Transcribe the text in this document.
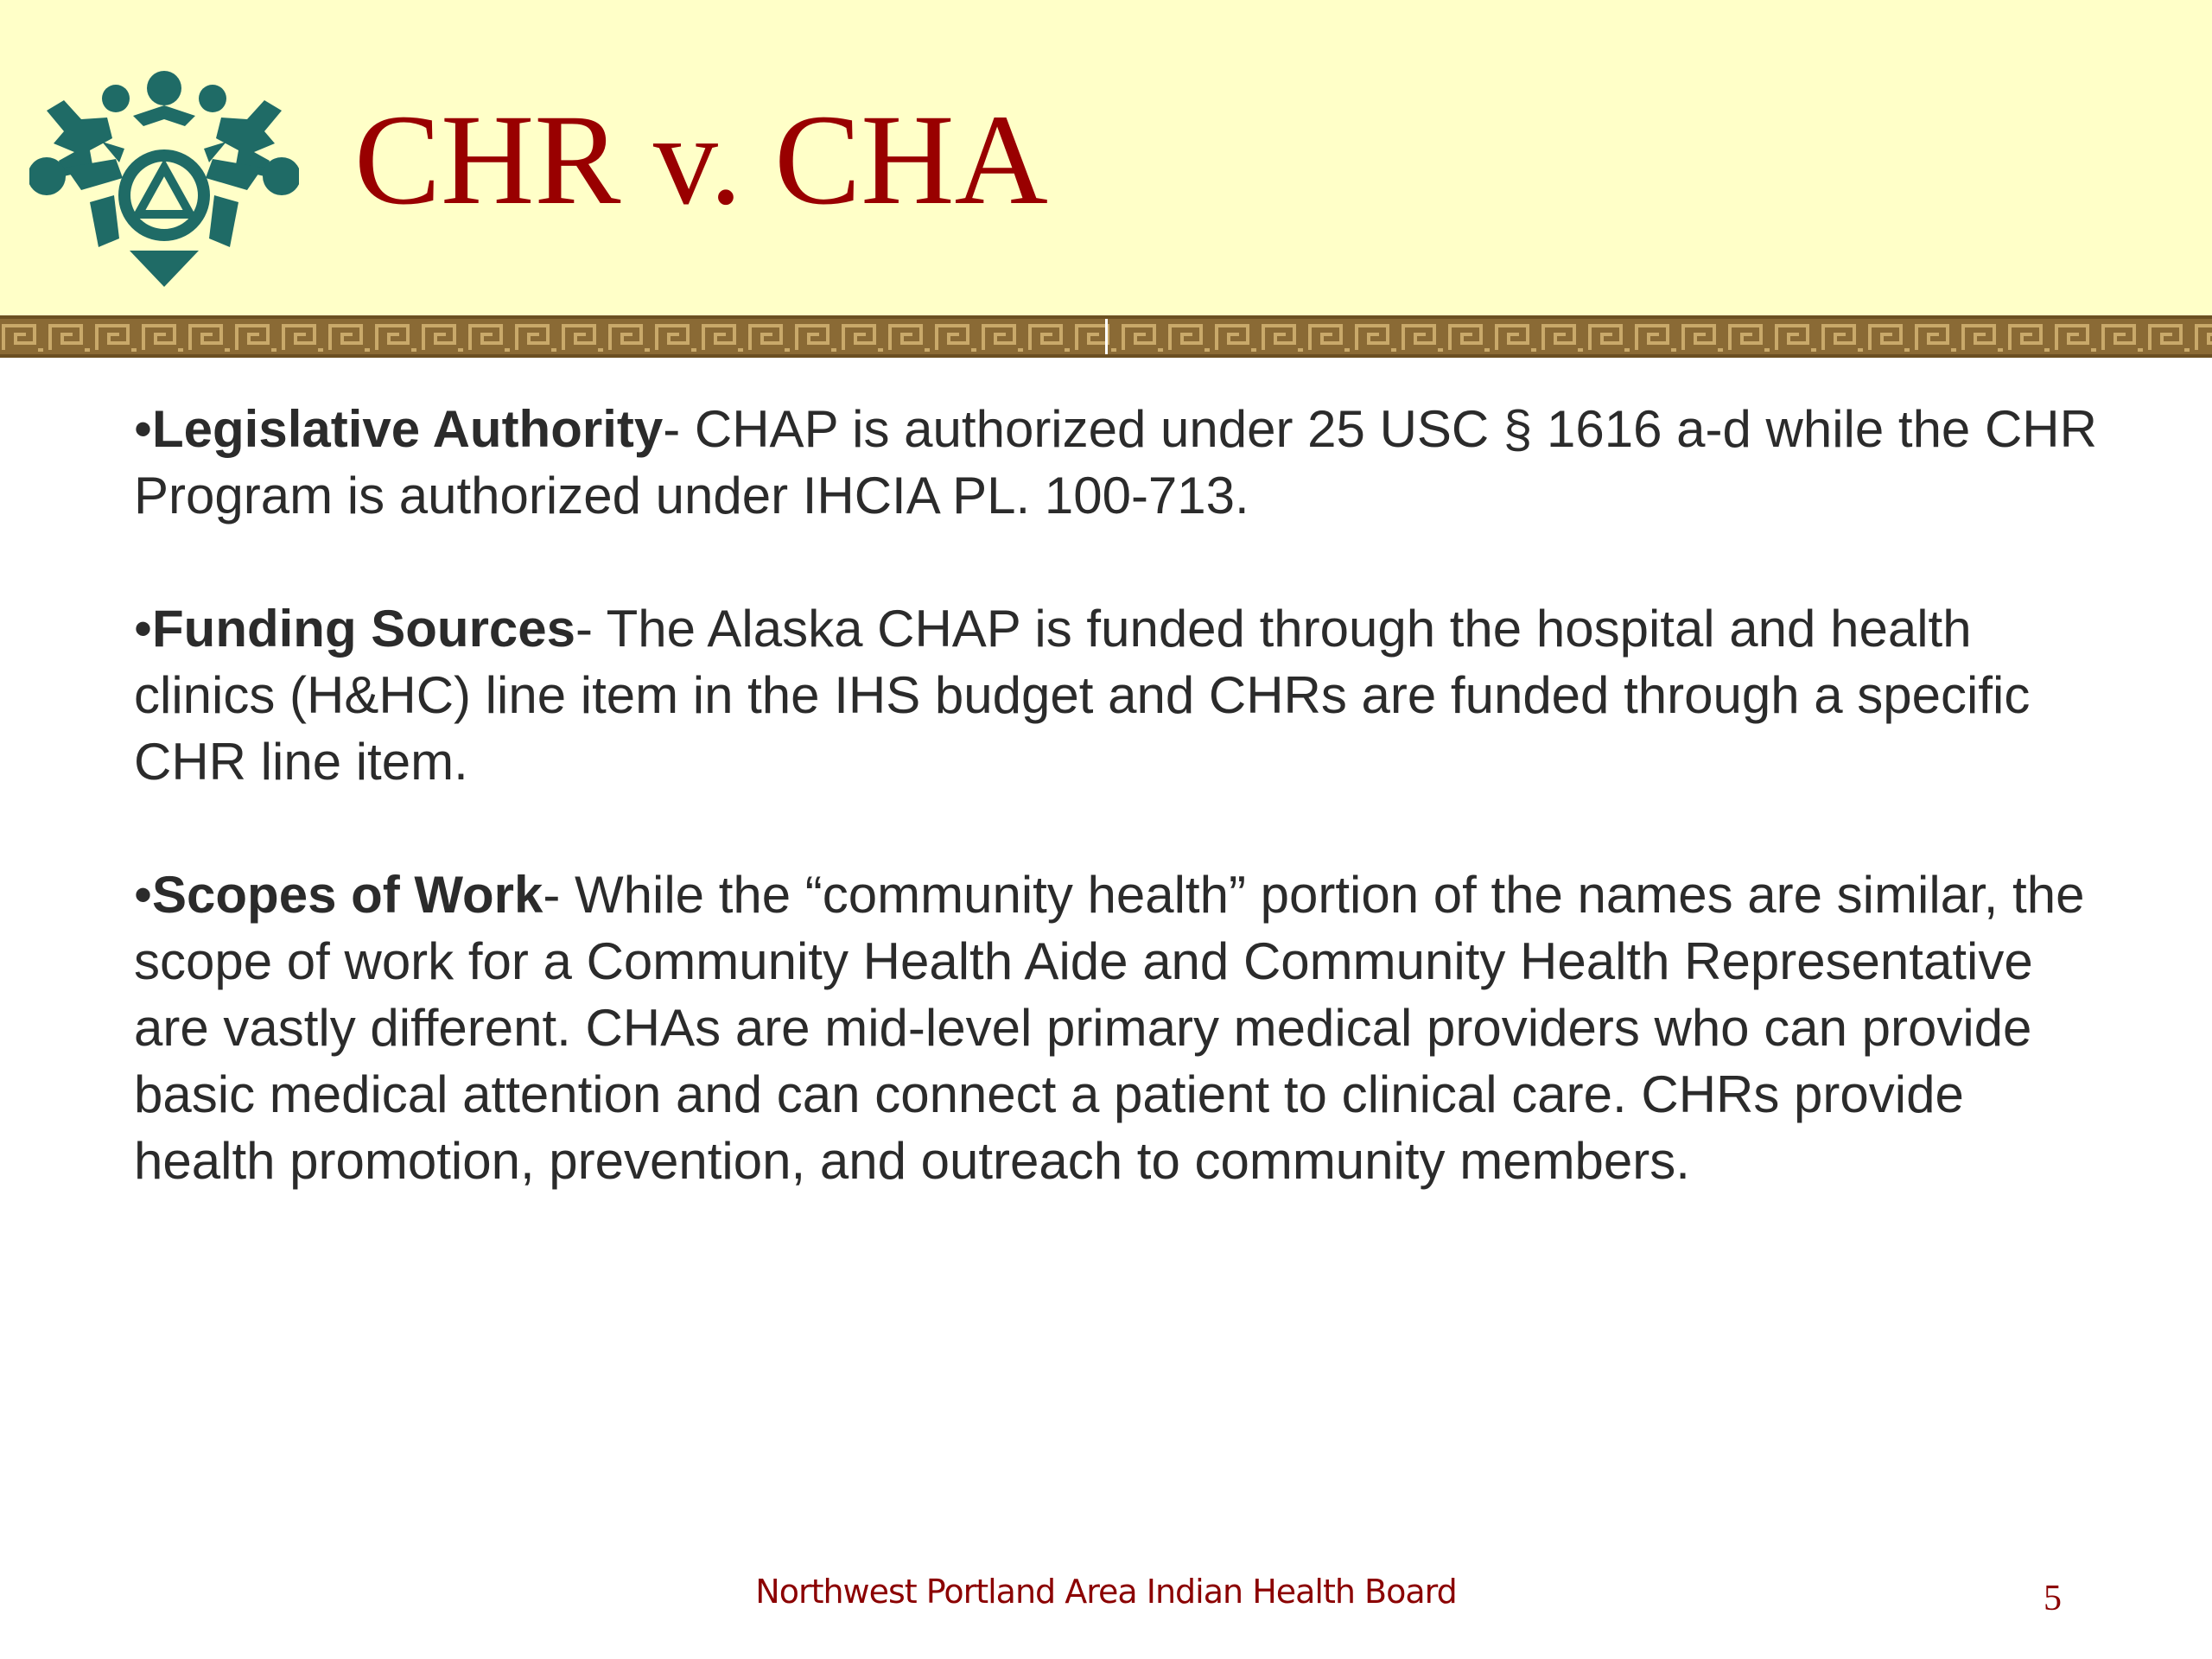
CHR v. CHA

•Legislative Authority- CHAP is authorized under 25 USC § 1616 a-d while the CHR Program is authorized under IHCIA PL. 100-713.

•Funding Sources- The Alaska CHAP is funded through the hospital and health clinics (H&HC) line item in the IHS budget and CHRs are funded through a specific CHR line item.

•Scopes of Work- While the “community health” portion of the names are similar, the scope of work for a Community Health Aide and Community Health Representative are vastly different. CHAs are mid-level primary medical providers who can provide basic medical attention and can connect a patient to clinical care. CHRs provide health promotion, prevention, and outreach to community members.

Northwest Portland Area Indian Health Board	5
